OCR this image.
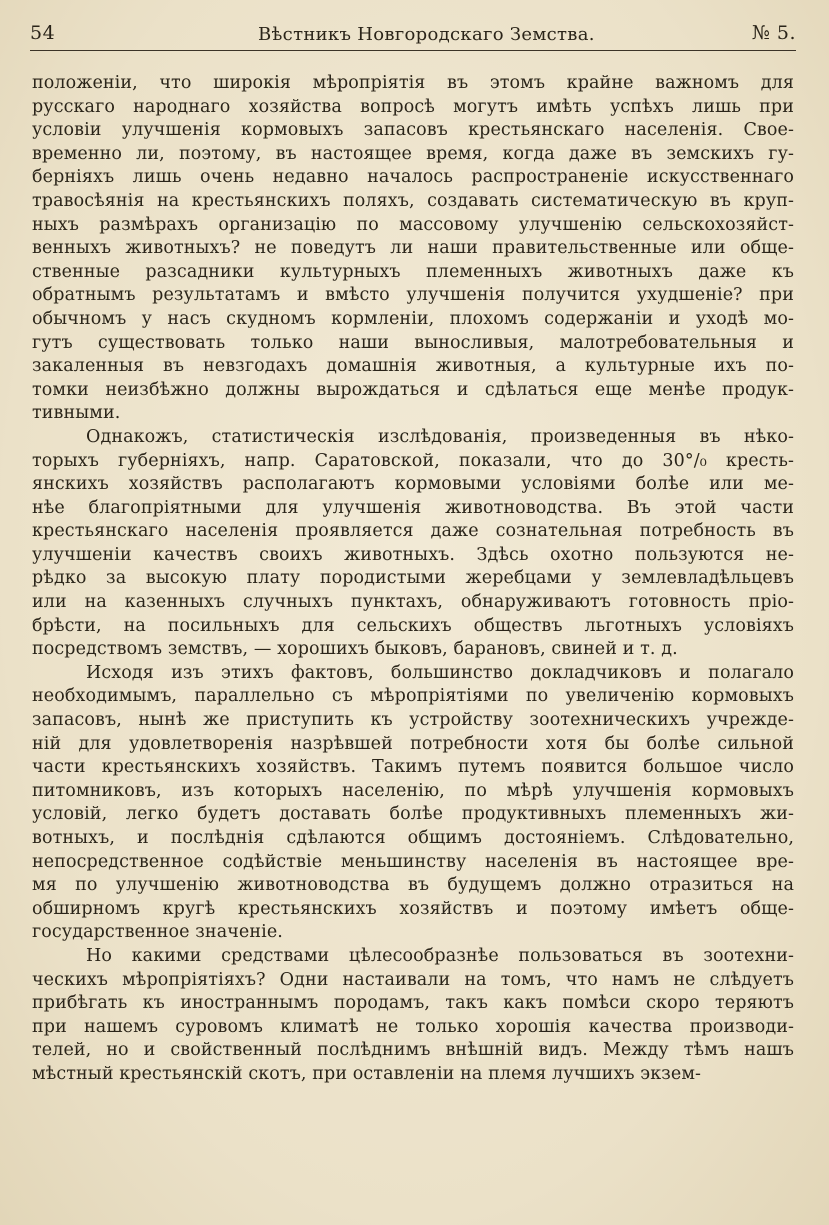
54	Вѣстникъ Новгородскаго Земства.	№ 5.
положеніи, что широкія мѣропріятія въ этомъ крайне важномъ для
русскаго народнаго хозяйства вопросѣ могутъ имѣть успѣхъ лишь при
условіи улучшенія кормовыхъ запасовъ крестьянскаго населенія. Свое-
временно ли, поэтому, въ настоящее время, когда даже въ земскихъ гу-
берніяхъ лишь очень недавно началось распространеніе искусственнаго
травосѣянія на крестьянскихъ поляхъ, создавать систематическую въ круп-
ныхъ размѣрахъ организацію по массовому улучшенію сельскохозяйст-
венныхъ животныхъ? не поведутъ ли наши правительственные или обще-
ственные разсадники культурныхъ племенныхъ животныхъ даже къ
обратнымъ результатамъ и вмѣсто улучшенія получится ухудшеніе? при
обычномъ у насъ скудномъ кормленіи, плохомъ содержаніи и уходѣ мо-
гутъ существовать только наши выносливыя, малотребовательныя и
закаленныя въ невзгодахъ домашнія животныя, а культурные ихъ по-
томки неизбѣжно должны вырождаться и сдѣлаться еще менѣе продук-
тивными.
Однакожъ, статистическія изслѣдованія, произведенныя въ нѣко-
торыхъ губерніяхъ, напр. Саратовской, показали, что до 30°/₀ кресть-
янскихъ хозяйствъ располагаютъ кормовыми условіями болѣе или ме-
нѣе благопріятными для улучшенія животноводства. Въ этой части
крестьянскаго населенія проявляется даже сознательная потребность въ
улучшеніи качествъ своихъ животныхъ. Здѣсь охотно пользуются не-
рѣдко за высокую плату породистыми жеребцами у землевладѣльцевъ
или на казенныхъ случныхъ пунктахъ, обнаруживаютъ готовность пріо-
брѣсти, на посильныхъ для сельскихъ обществъ льготныхъ условіяхъ
посредствомъ земствъ, — хорошихъ быковъ, барановъ, свиней и т. д.
Исходя изъ этихъ фактовъ, большинство докладчиковъ и полагало
необходимымъ, параллельно съ мѣропріятіями по увеличенію кормовыхъ
запасовъ, нынѣ же приступить къ устройству зоотехническихъ учрежде-
ній для удовлетворенія назрѣвшей потребности хотя бы болѣе сильной
части крестьянскихъ хозяйствъ. Такимъ путемъ появится большое число
питомниковъ, изъ которыхъ населенію, по мѣрѣ улучшенія кормовыхъ
условій, легко будетъ доставать болѣе продуктивныхъ племенныхъ жи-
вотныхъ, и послѣднія сдѣлаются общимъ достояніемъ. Слѣдовательно,
непосредственное содѣйствіе меньшинству населенія въ настоящее вре-
мя по улучшенію животноводства въ будущемъ должно отразиться на
обширномъ кругѣ крестьянскихъ хозяйствъ и поэтому имѣетъ обще-
государственное значеніе.
Но какими средствами цѣлесообразнѣе пользоваться въ зоотехни-
ческихъ мѣропріятіяхъ? Одни настаивали на томъ, что намъ не слѣдуетъ
прибѣгать къ иностраннымъ породамъ, такъ какъ помѣси скоро теряютъ
при нашемъ суровомъ климатѣ не только хорошія качества производи-
телей, но и свойственный послѣднимъ внѣшній видъ. Между тѣмъ нашъ
мѣстный крестьянскій скотъ, при оставленіи на племя лучшихъ экзем-
